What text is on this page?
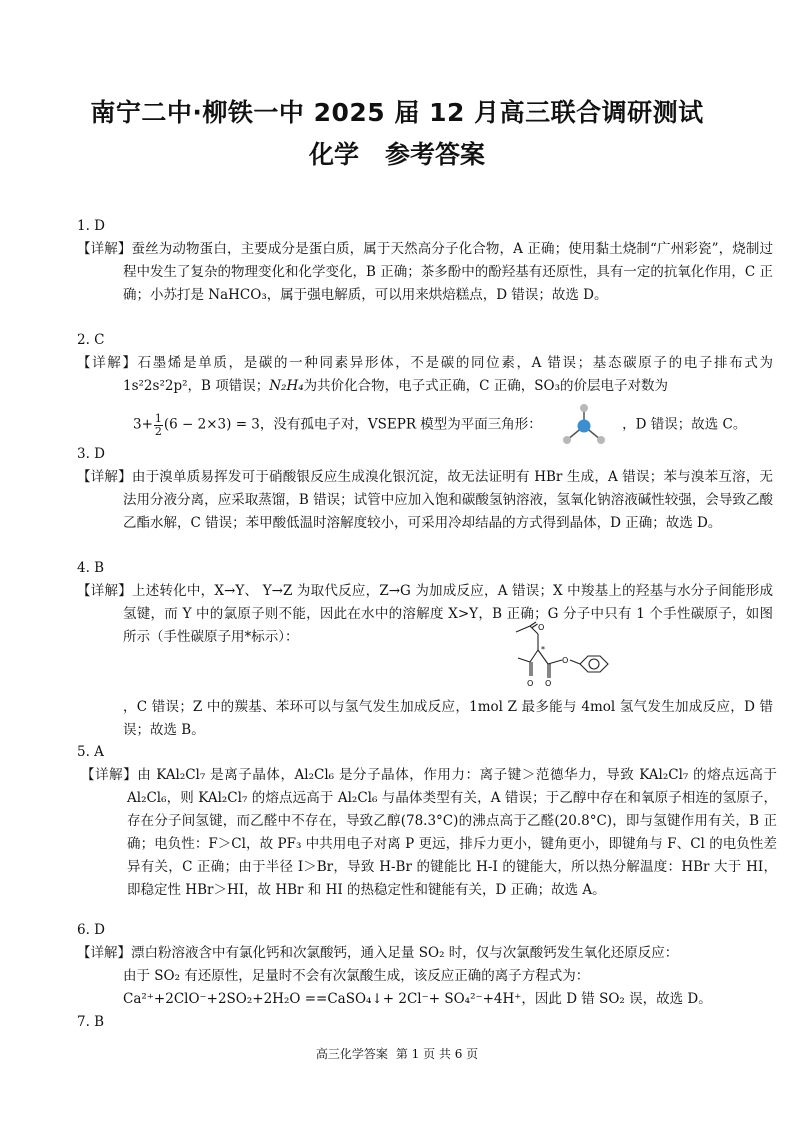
南宁二中·柳铁一中 2025 届 12 月高三联合调研测试
化学 参考答案
1. D
【详解】蚕丝为动物蛋白，主要成分是蛋白质，属于天然高分子化合物，A 正确；使用黏土烧制“广州彩瓷”，烧制过程中发生了复杂的物理变化和化学变化，B 正确；茶多酚中的酚羟基有还原性，具有一定的抗氧化作用，C 正确；小苏打是 NaHCO₃，属于强电解质，可以用来烘焙糕点，D 错误；故选 D。
2. C
【详解】石墨烯是单质，是碳的一种同素异形体，不是碳的同位素，A 错误；基态碳原子的电子排布式为1s²2s²2p²，B 项错误；N₂H₄为共价化合物，电子式正确，C 正确，SO₃的价层电子对数为
$3+ \frac{1}{2} (6 - 2\times 3) = 3$，没有孤电子对，VSEPR 模型为平面三角形：	，D 错误；故选 C。
3. D
【详解】由于溴单质易挥发可于硝酸银反应生成溴化银沉淀，故无法证明有 HBr 生成，A 错误；苯与溴苯互溶，无法用分液分离，应采取蒸馏，B 错误；试管中应加入饱和碳酸氢钠溶液，氢氧化钠溶液碱性较强，会导致乙酸乙酯水解，C 错误；苯甲酸低温时溶解度较小，可采用冷却结晶的方式得到晶体，D 正确；故选 D。
4. B
【详解】上述转化中，X→Y、 Y→Z 为取代反应，Z→G 为加成反应，A 错误；X 中羧基上的羟基与水分子间能形成氢键，而 Y 中的氯原子则不能，因此在水中的溶解度 X>Y，B 正确；G 分子中只有 1 个手性碳原子，如图所示（手性碳原子用*标示）：
O
*
O
O O
，C 错误；Z 中的羰基、苯环可以与氢气发生加成反应，1mol Z 最多能与 4mol 氢气发生加成反应，D 错误；故选 B。
5. A
【详解】由 KAl₂Cl₇ 是离子晶体，Al₂Cl₆ 是分子晶体，作用力：离子键＞范德华力，导致 KAl₂Cl₇ 的熔点远高于 Al₂Cl₆，则 KAl₂Cl₇ 的熔点远高于 Al₂Cl₆ 与晶体类型有关，A 错误；于乙醇中存在和氧原子相连的氢原子，存在分子间氢键，而乙醛中不存在，导致乙醇(78.3°C)的沸点高于乙醛(20.8°C)，即与氢键作用有关，B 正确；电负性：F＞Cl，故 PF₃ 中共用电子对离 P 更远，排斥力更小，键角更小，即键角与 F、Cl 的电负性差异有关，C 正确；由于半径 I＞Br，导致 H-Br 的键能比 H-I 的键能大，所以热分解温度：HBr 大于 HI，即稳定性 HBr＞HI，故 HBr 和 HI 的热稳定性和键能有关，D 正确；故选 A。
6. D
【详解】漂白粉溶液含中有氯化钙和次氯酸钙，通入足量 SO₂ 时，仅与次氯酸钙发生氧化还原反应：
由于 SO₂ 有还原性，足量时不会有次氯酸生成，该反应正确的离子方程式为：
Ca²⁺+2ClO⁻+2SO₂+2H₂O ==CaSO₄↓+ 2Cl⁻+ SO₄²⁻+4H⁺，因此 D 错 SO₂ 误，故选 D。
7. B
高三化学答案 第 1 页 共 6 页
